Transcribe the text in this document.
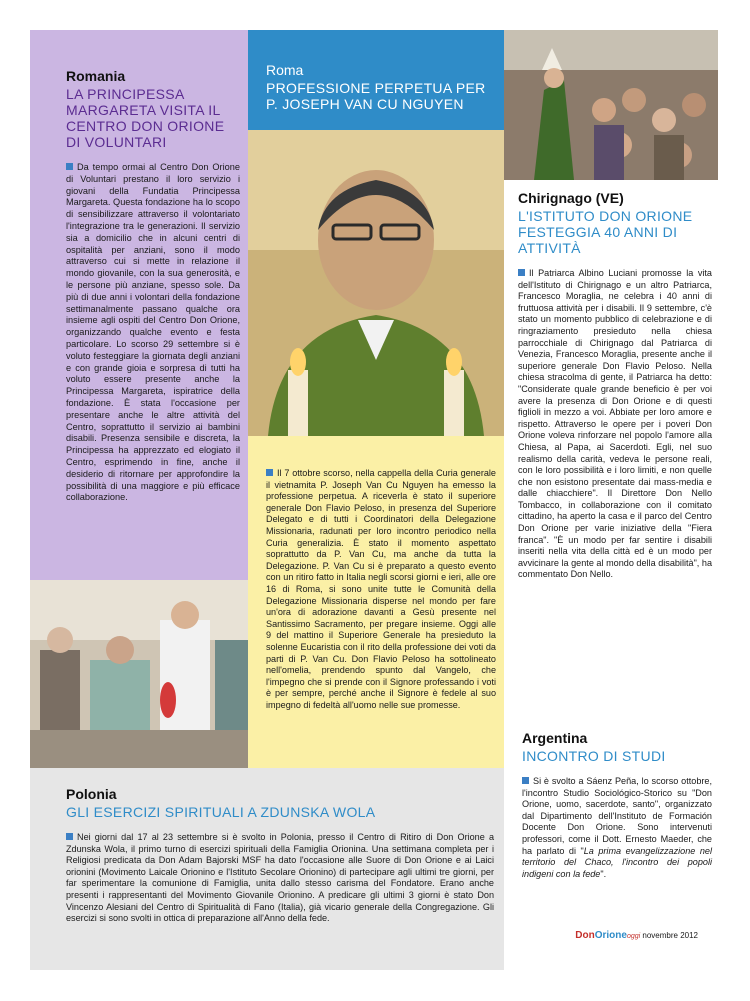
Romania
LA PRINCIPESSA MARGARETA VISITA IL CENTRO DON ORIONE DI VOLUNTARI

Da tempo ormai al Centro Don Orione di Voluntari prestano il loro servizio i giovani della Fundatia Principessa Margareta. Questa fondazione ha lo scopo di sensibilizzare attraverso il volontariato l'integrazione tra le generazioni. Il servizio sia a domicilio che in alcuni centri di ospitalità per anziani, sono il modo attraverso cui si mette in relazione il mondo giovanile, con la sua generosità, e le persone più anziane, spesso sole. Da più di due anni i volontari della fondazione settimanalmente passano qualche ora insieme agli ospiti del Centro Don Orione, organizzando qualche evento e festa particolare. Lo scorso 29 settembre si è voluto festeggiare la giornata degli anziani e con grande gioia e sorpresa di tutti ha voluto essere presente anche la Principessa Margareta, ispiratrice della fondazione. È stata l'occasione per presentare anche le altre attività del Centro, soprattutto il servizio ai bambini disabili. Presenza sensibile e discreta, la Principessa ha apprezzato ed elogiato il Centro, esprimendo in fine, anche il desiderio di ritornare per approfondire la possibilità di una maggiore e più efficace collaborazione.

Roma
PROFESSIONE PERPETUA PER P. JOSEPH VAN CU NGUYEN

Il 7 ottobre scorso, nella cappella della Curia generale il vietnamita P. Joseph Van Cu Nguyen ha emesso la professione perpetua. A riceverla è stato il superiore generale Don Flavio Peloso, in presenza del Superiore Delegato e di tutti i Coordinatori della Delegazione Missionaria, radunati per loro incontro periodico nella Curia generalizia. È stato il momento aspettato soprattutto da P. Van Cu, ma anche da tutta la Delegazione. P. Van Cu si è preparato a questo evento con un ritiro fatto in Italia negli scorsi giorni e ieri, alle ore 16 di Roma, si sono unite tutte le Comunità della Delegazione Missionaria disperse nel mondo per fare un'ora di adorazione davanti a Gesù presente nel Santissimo Sacramento, per pregare insieme. Oggi alle 9 del mattino il Superiore Generale ha presieduto la solenne Eucaristia con il rito della professione dei voti da parti di P. Van Cu. Don Flavio Peloso ha sottolineato nell'omelia, prendendo spunto dal Vangelo, che l'impegno che si prende con il Signore professando i voti è per sempre, perché anche il Signore è fedele al suo impegno di fedeltà all'uomo nelle sue promesse.

Chirignago (VE)
L'ISTITUTO DON ORIONE FESTEGGIA 40 ANNI DI ATTIVITÀ

Il Patriarca Albino Luciani promosse la vita dell'Istituto di Chirignago e un altro Patriarca, Francesco Moraglia, ne celebra i 40 anni di fruttuosa attività per i disabili. Il 9 settembre, c'è stato un momento pubblico di celebrazione e di ringraziamento presieduto nella chiesa parrocchiale di Chirignago dal Patriarca di Venezia, Francesco Moraglia, presente anche il superiore generale Don Flavio Peloso. Nella chiesa stracolma di gente, il Patriarca ha detto: "Considerate quale grande beneficio è per voi avere la presenza di Don Orione e di questi figlioli in mezzo a voi. Abbiate per loro amore e rispetto. Attraverso le opere per i poveri Don Orione voleva rinforzare nel popolo l'amore alla Chiesa, al Papa, ai Sacerdoti. Egli, nel suo realismo della carità, vedeva le persone reali, con le loro possibilità e i loro limiti, e non quelle che non esistono presentate dai mass-media e dalle chiacchiere". Il Direttore Don Nello Tombacco, in collaborazione con il comitato cittadino, ha aperto la casa e il parco del Centro Don Orione per varie iniziative della "Fiera franca". "È un modo per far sentire i disabili inseriti nella vita della città ed è un modo per avvicinare la gente al mondo della disabilità", ha commentato Don Nello.

Argentina
INCONTRO DI STUDI

Si è svolto a Sáenz Peña, lo scorso ottobre, l'incontro Studio Sociológico-Storico su "Don Orione, uomo, sacerdote, santo", organizzato dal Dipartimento dell'Instituto de Formación Docente Don Orione. Sono intervenuti professori, come il Dott. Ernesto Maeder, che ha parlato di "La prima evangelizzazione nel territorio del Chaco, l'incontro dei popoli indigeni con la fede".

DonOrioneoggi novembre 2012
Polonia
GLI ESERCIZI SPIRITUALI A ZDUNSKA WOLA

Nei giorni dal 17 al 23 settembre si è svolto in Polonia, presso il Centro di Ritiro di Don Orione a Zdunska Wola, il primo turno di esercizi spirituali della Famiglia Orionina. Una settimana completa per i Religiosi predicata da Don Adam Bajorski MSF ha dato l'occasione alle Suore di Don Orione e ai Laici orionini (Movimento Laicale Orionino e l'Istituto Secolare Orionino) di partecipare agli ultimi tre giorni, per far sperimentare la comunione di Famiglia, unita dallo stesso carisma del Fondatore. Erano anche presenti i rappresentanti del Movimento Giovanile Orionino. A predicare gli ultimi 3 giorni è stato Don Vincenzo Alesiani del Centro di Spiritualità di Fano (Italia), già vicario generale della Congregazione. Gli esercizi si sono svolti in ottica di preparazione all'Anno della fede.
